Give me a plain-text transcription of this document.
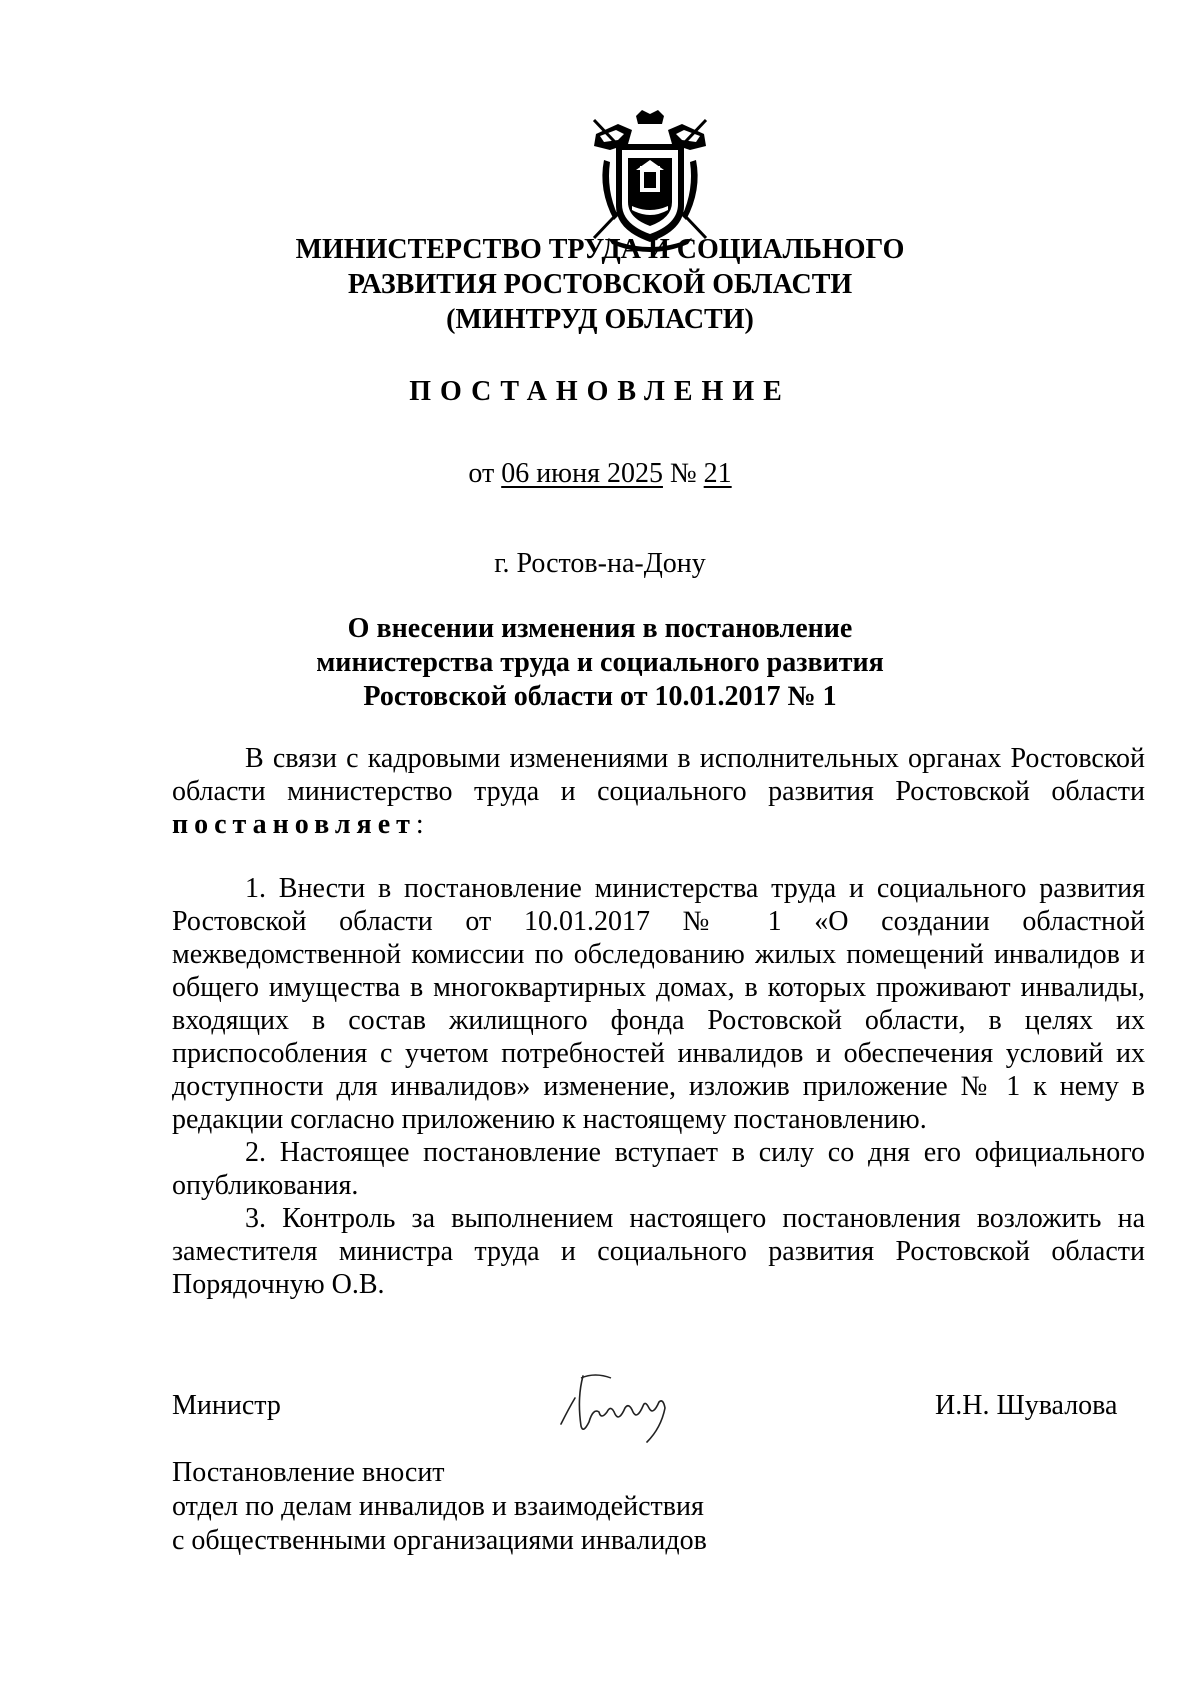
МИНИСТЕРСТВО ТРУДА И СОЦИАЛЬНОГО
РАЗВИТИЯ РОСТОВСКОЙ ОБЛАСТИ
(МИНТРУД ОБЛАСТИ)
ПОСТАНОВЛЕНИЕ
от 06 июня 2025 № 21
г. Ростов-на-Дону
О внесении изменения в постановление
министерства труда и социального развития
Ростовской области от 10.01.2017 № 1

В связи с кадровыми изменениями в исполнительных органах Ростовской области министерство труда и социального развития Ростовской области постановляет:

1. Внести в постановление министерства труда и социального развития Ростовской области от 10.01.2017 № 1 «О создании областной межведомственной комиссии по обследованию жилых помещений инвалидов и общего имущества в многоквартирных домах, в которых проживают инвалиды, входящих в состав жилищного фонда Ростовской области, в целях их приспособления с учетом потребностей инвалидов и обеспечения условий их доступности для инвалидов» изменение, изложив приложение № 1 к нему в редакции согласно приложению к настоящему постановлению.

2. Настоящее постановление вступает в силу со дня его официального опубликования.

3. Контроль за выполнением настоящего постановления возложить на заместителя министра труда и социального развития Ростовской области Порядочную О.В.

Министр	И.Н. Шувалова
Постановление вносит
отдел по делам инвалидов и взаимодействия
с общественными организациями инвалидов
